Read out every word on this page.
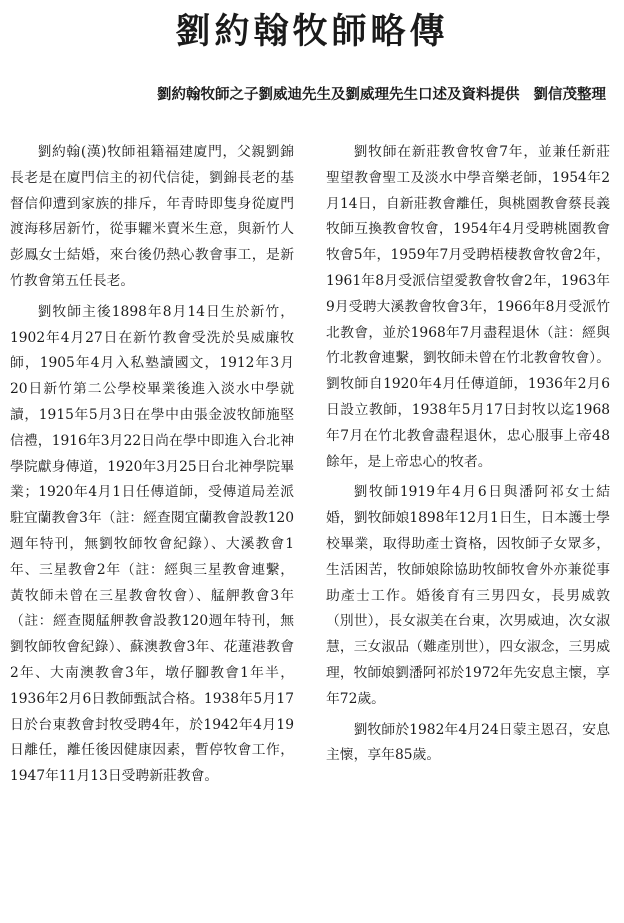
劉約翰牧師略傳
劉約翰牧師之子劉威迪先生及劉威理先生口述及資料提供 劉信茂整理

劉約翰(漢)牧師祖籍福建廈門，父親劉錦長老是在廈門信主的初代信徒，劉錦長老的基督信仰遭到家族的排斥，年青時即隻身從廈門渡海移居新竹，從事糶米賣米生意，與新竹人彭鳳女士結婚，來台後仍熱心教會事工，是新竹教會第五任長老。

劉牧師主後1898年8月14日生於新竹，1902年4月27日在新竹教會受洗於吳威廉牧師，1905年4月入私塾讀國文，1912年3月20日新竹第二公學校畢業後進入淡水中學就讀，1915年5月3日在學中由張金波牧師施堅信禮，1916年3月22日尚在學中即進入台北神學院獻身傳道，1920年3月25日台北神學院畢業；1920年4月1日任傳道師，受傳道局差派駐宜蘭教會3年（註：經查閱宜蘭教會設教120週年特刊，無劉牧師牧會紀錄）、大溪教會1年、三星教會2年（註：經與三星教會連繫，黃牧師未曾在三星教會牧會）、艋舺教會3年（註：經查閱艋舺教會設教120週年特刊，無劉牧師牧會紀錄）、蘇澳教會3年、花蓮港教會2年、大南澳教會3年，墩仔腳教會1年半，1936年2月6日教師甄試合格。1938年5月17日於台東教會封牧受聘4年，於1942年4月19日離任，離任後因健康因素，暫停牧會工作，1947年11月13日受聘新莊教會。

劉牧師在新莊教會牧會7年，並兼任新莊聖望教會聖工及淡水中學音樂老師，1954年2月14日，自新莊教會離任，與桃園教會蔡長義牧師互換教會牧會，1954年4月受聘桃園教會牧會5年，1959年7月受聘梧棲教會牧會2年，1961年8月受派信望愛教會牧會2年，1963年9月受聘大溪教會牧會3年，1966年8月受派竹北教會，並於1968年7月盡程退休（註：經與竹北教會連繫，劉牧師未曾在竹北教會牧會）。劉牧師自1920年4月任傳道師，1936年2月6日設立教師，1938年5月17日封牧以迄1968年7月在竹北教會盡程退休，忠心服事上帝48餘年，是上帝忠心的牧者。

劉牧師1919年4月6日與潘阿祁女士結婚，劉牧師娘1898年12月1日生，日本護士學校畢業，取得助產士資格，因牧師子女眾多，生活困苦，牧師娘除協助牧師牧會外亦兼從事助產士工作。婚後育有三男四女，長男威敦（別世），長女淑美在台東，次男威迪，次女淑慧，三女淑品（難產別世），四女淑念，三男威理，牧師娘劉潘阿祁於1972年先安息主懷，享年72歲。

劉牧師於1982年4月24日蒙主恩召，安息主懷，享年85歲。
